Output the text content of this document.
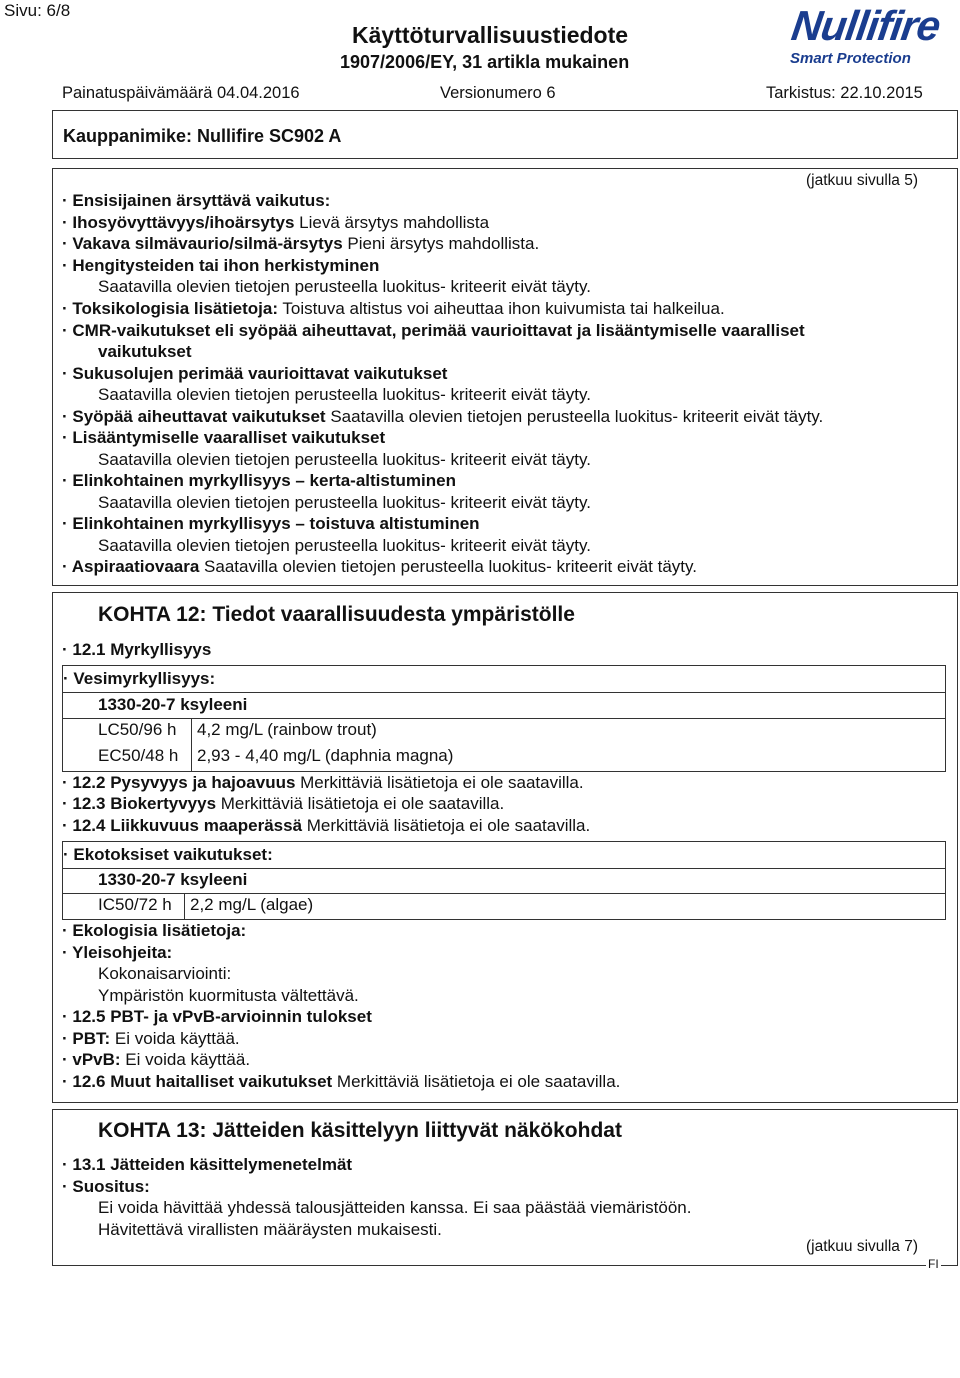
Sivu: 6/8
Käyttöturvallisuustiedote
1907/2006/EY, 31 artikla mukainen
Nullifire
Smart Protection
Painatuspäivämäärä 04.04.2016	Versionumero 6	Tarkistus: 22.10.2015
Kauppanimike: Nullifire SC902 A
(jatkuu sivulla 5)
· Ensisijainen ärsyttävä vaikutus:
· Ihosyövyttävyys/ihoärsytys Lievä ärsytys mahdollista
· Vakava silmävaurio/silmä-ärsytys Pieni ärsytys mahdollista.
· Hengitysteiden tai ihon herkistyminen
Saatavilla olevien tietojen perusteella luokitus- kriteerit eivät täyty.
· Toksikologisia lisätietoja: Toistuva altistus voi aiheuttaa ihon kuivumista tai halkeilua.
· CMR-vaikutukset eli syöpää aiheuttavat, perimää vaurioittavat ja lisääntymiselle vaaralliset
vaikutukset
· Sukusolujen perimää vaurioittavat vaikutukset
Saatavilla olevien tietojen perusteella luokitus- kriteerit eivät täyty.
· Syöpää aiheuttavat vaikutukset Saatavilla olevien tietojen perusteella luokitus- kriteerit eivät täyty.
· Lisääntymiselle vaaralliset vaikutukset
Saatavilla olevien tietojen perusteella luokitus- kriteerit eivät täyty.
· Elinkohtainen myrkyllisyys – kerta-altistuminen
Saatavilla olevien tietojen perusteella luokitus- kriteerit eivät täyty.
· Elinkohtainen myrkyllisyys – toistuva altistuminen
Saatavilla olevien tietojen perusteella luokitus- kriteerit eivät täyty.
· Aspiraatiovaara Saatavilla olevien tietojen perusteella luokitus- kriteerit eivät täyty.
KOHTA 12: Tiedot vaarallisuudesta ympäristölle
· 12.1 Myrkyllisyys
· Vesimyrkyllisyys:
1330-20-7 ksyleeni
LC50/96 h 4,2 mg/L (rainbow trout)
EC50/48 h 2,93 - 4,40 mg/L (daphnia magna)
· 12.2 Pysyvyys ja hajoavuus Merkittäviä lisätietoja ei ole saatavilla.
· 12.3 Biokertyvyys Merkittäviä lisätietoja ei ole saatavilla.
· 12.4 Liikkuvuus maaperässä Merkittäviä lisätietoja ei ole saatavilla.
· Ekotoksiset vaikutukset:
1330-20-7 ksyleeni
IC50/72 h 2,2 mg/L (algae)
· Ekologisia lisätietoja:
· Yleisohjeita:
Kokonaisarviointi:
Ympäristön kuormitusta vältettävä.
· 12.5 PBT- ja vPvB-arvioinnin tulokset
· PBT: Ei voida käyttää.
· vPvB: Ei voida käyttää.
· 12.6 Muut haitalliset vaikutukset Merkittäviä lisätietoja ei ole saatavilla.
KOHTA 13: Jätteiden käsittelyyn liittyvät näkökohdat
· 13.1 Jätteiden käsittelymenetelmät
· Suositus:
Ei voida hävittää yhdessä talousjätteiden kanssa. Ei saa päästää viemäristöön.
Hävitettävä virallisten määräysten mukaisesti.
(jatkuu sivulla 7)
FI
